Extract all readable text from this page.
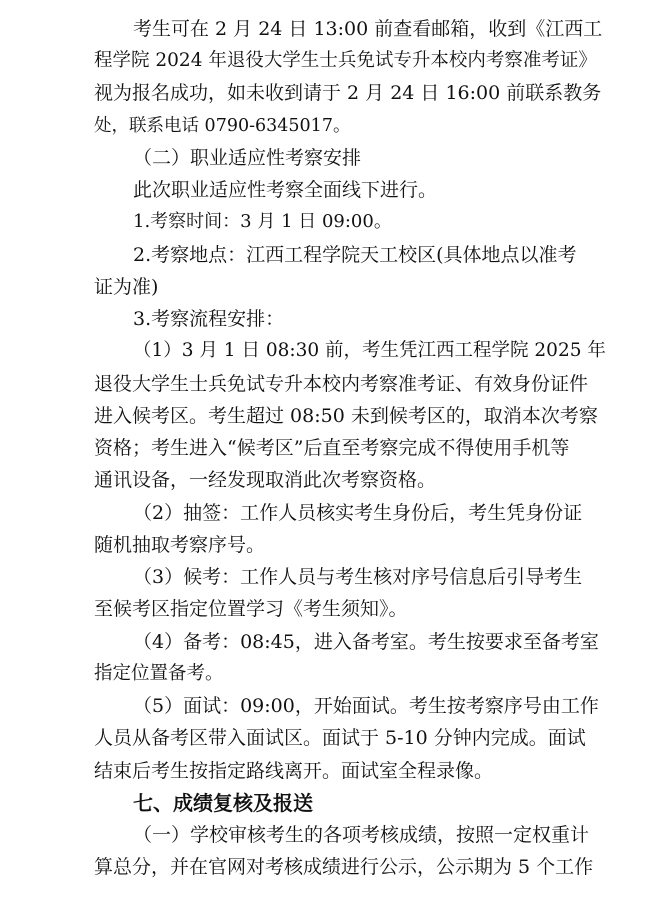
考生可在 2 月 24 日 13:00 前查看邮箱，收到《江西工
程学院 2024 年退役大学生士兵免试专升本校内考察准考证》
视为报名成功，如未收到请于 2 月 24 日 16:00 前联系教务
处，联系电话 0790-6345017。
（二）职业适应性考察安排
此次职业适应性考察全面线下进行。
1.考察时间：3 月 1 日 09:00。
2.考察地点：江西工程学院天工校区(具体地点以准考
证为准)
3.考察流程安排：
（1）3 月 1 日 08:30 前，考生凭江西工程学院 2025 年
退役大学生士兵免试专升本校内考察准考证、有效身份证件
进入候考区。考生超过 08:50 未到候考区的，取消本次考察
资格；考生进入“候考区”后直至考察完成不得使用手机等
通讯设备，一经发现取消此次考察资格。
（2）抽签：工作人员核实考生身份后，考生凭身份证
随机抽取考察序号。
（3）候考：工作人员与考生核对序号信息后引导考生
至候考区指定位置学习《考生须知》。
（4）备考：08:45，进入备考室。考生按要求至备考室
指定位置备考。
（5）面试：09:00，开始面试。考生按考察序号由工作
人员从备考区带入面试区。面试于 5-10 分钟内完成。面试
结束后考生按指定路线离开。面试室全程录像。
七、成绩复核及报送
（一）学校审核考生的各项考核成绩，按照一定权重计
算总分，并在官网对考核成绩进行公示，公示期为 5 个工作
